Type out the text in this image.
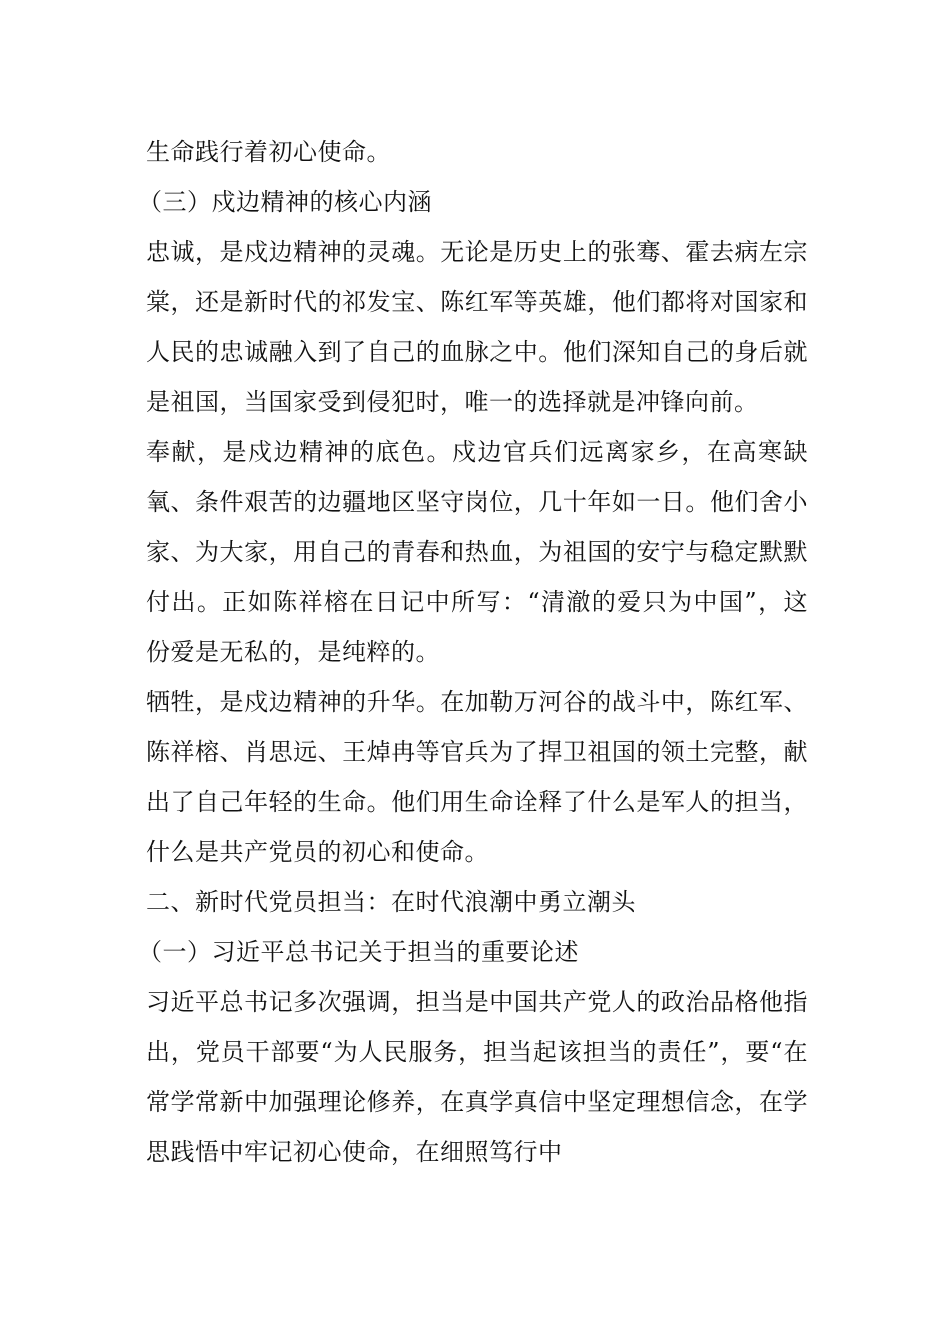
生命践行着初心使命。

（三）戍边精神的核心内涵

忠诚，是戍边精神的灵魂。无论是历史上的张骞、霍去病左宗棠，还是新时代的祁发宝、陈红军等英雄，他们都将对国家和人民的忠诚融入到了自己的血脉之中。他们深知自己的身后就是祖国，当国家受到侵犯时，唯一的选择就是冲锋向前。

奉献，是戍边精神的底色。戍边官兵们远离家乡，在高寒缺氧、条件艰苦的边疆地区坚守岗位，几十年如一日。他们舍小家、为大家，用自己的青春和热血，为祖国的安宁与稳定默默付出。正如陈祥榕在日记中所写：“清澈的爱只为中国”，这份爱是无私的，是纯粹的。

牺牲，是戍边精神的升华。在加勒万河谷的战斗中，陈红军、陈祥榕、肖思远、王焯冉等官兵为了捍卫祖国的领土完整，献出了自己年轻的生命。他们用生命诠释了什么是军人的担当，什么是共产党员的初心和使命。

二、新时代党员担当：在时代浪潮中勇立潮头

（一）习近平总书记关于担当的重要论述

习近平总书记多次强调，担当是中国共产党人的政治品格他指出，党员干部要“为人民服务，担当起该担当的责任”，要“在常学常新中加强理论修养，在真学真信中坚定理想信念，在学思践悟中牢记初心使命，在细照笃行中
